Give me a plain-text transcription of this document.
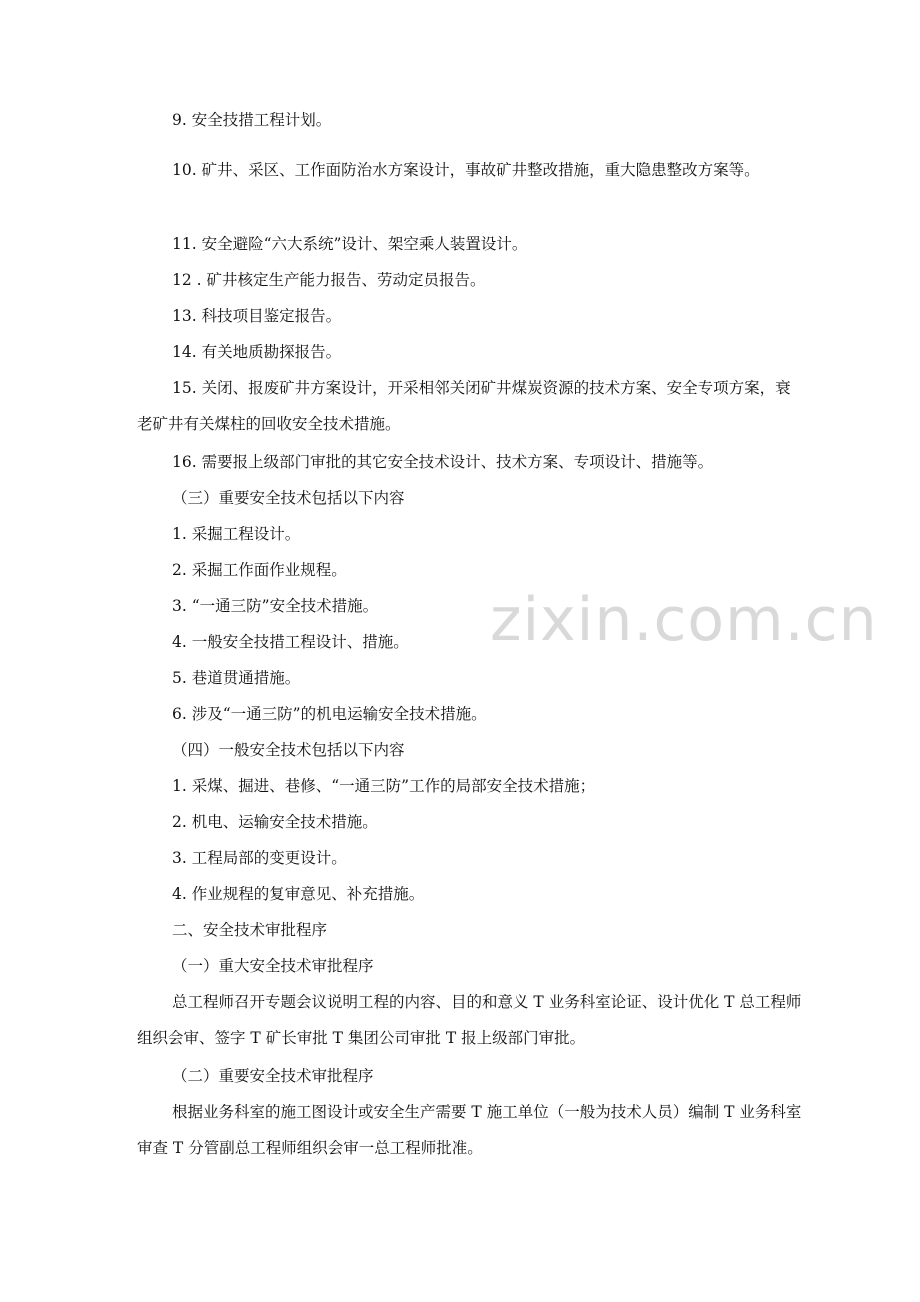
9. 安全技措工程计划。
10. 矿井、采区、工作面防治水方案设计，事故矿井整改措施，重大隐患整改方案等。
11. 安全避险“六大系统”设计、架空乘人装置设计。
12 . 矿井核定生产能力报告、劳动定员报告。
13. 科技项目鉴定报告。
14. 有关地质勘探报告。
15. 关闭、报废矿井方案设计，开采相邻关闭矿井煤炭资源的技术方案、安全专项方案，衰老矿井有关煤柱的回收安全技术措施。
16. 需要报上级部门审批的其它安全技术设计、技术方案、专项设计、措施等。
（三）重要安全技术包括以下内容
1. 采掘工程设计。
2. 采掘工作面作业规程。
3. “一通三防”安全技术措施。
4. 一般安全技措工程设计、措施。
5. 巷道贯通措施。
6. 涉及“一通三防”的机电运输安全技术措施。
（四）一般安全技术包括以下内容
1. 采煤、掘进、巷修、“一通三防”工作的局部安全技术措施；
2. 机电、运输安全技术措施。
3. 工程局部的变更设计。
4. 作业规程的复审意见、补充措施。
二、安全技术审批程序
（一）重大安全技术审批程序
总工程师召开专题会议说明工程的内容、目的和意义 T 业务科室论证、设计优化 T 总工程师组织会审、签字 T 矿长审批 T 集团公司审批 T 报上级部门审批。
（二）重要安全技术审批程序
根据业务科室的施工图设计或安全生产需要 T 施工单位（一般为技术人员）编制 T 业务科室审查 T 分管副总工程师组织会审一总工程师批准。
zixin.com.cn
